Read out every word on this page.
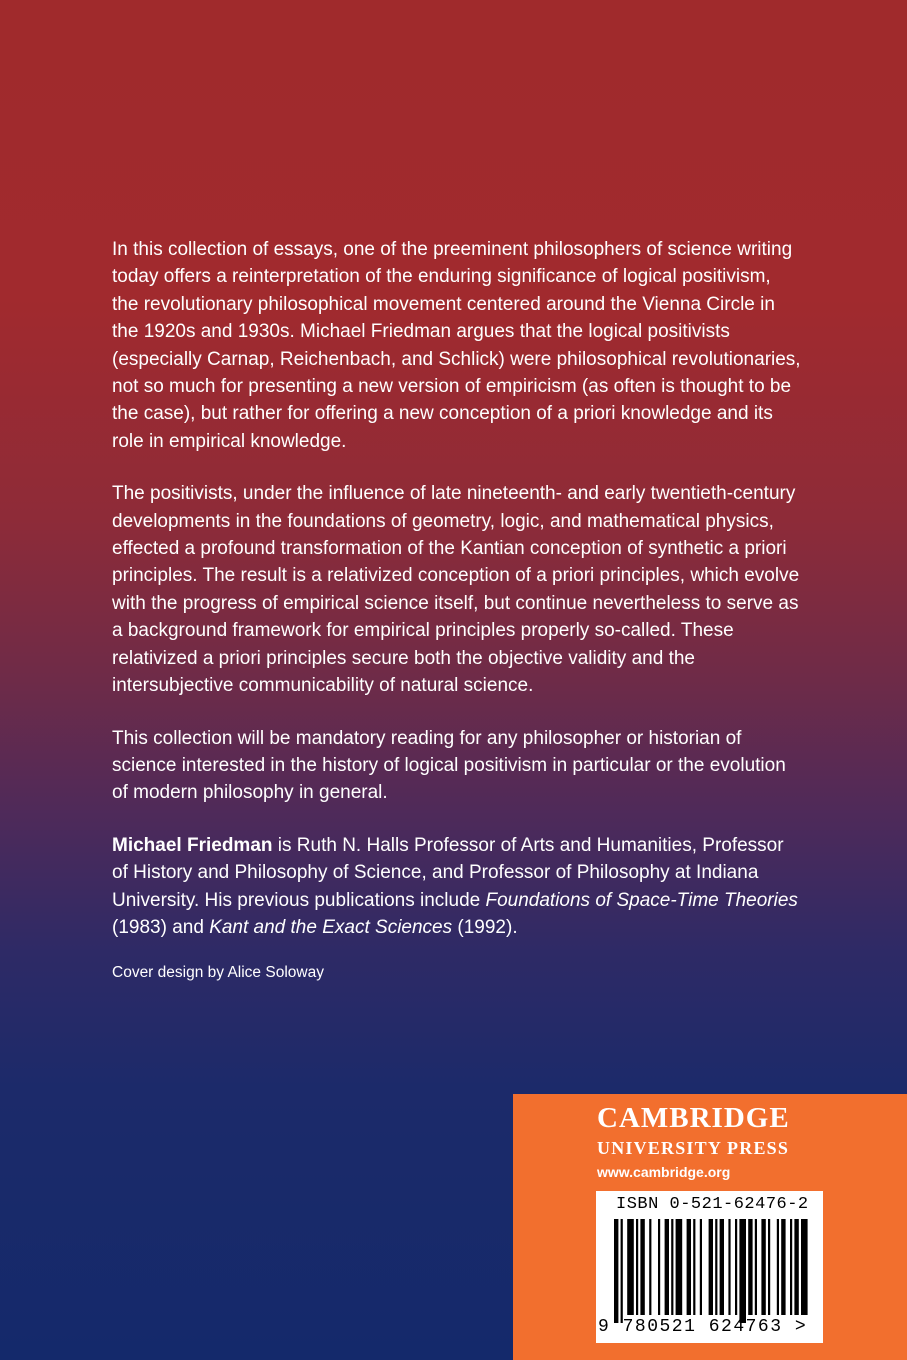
In this collection of essays, one of the preeminent philosophers of science writing today offers a reinterpretation of the enduring significance of logical positivism, the revolutionary philosophical movement centered around the Vienna Circle in the 1920s and 1930s. Michael Friedman argues that the logical positivists (especially Carnap, Reichenbach, and Schlick) were philosophical revolutionaries, not so much for presenting a new version of empiricism (as often is thought to be the case), but rather for offering a new conception of a priori knowledge and its role in empirical knowledge.

The positivists, under the influence of late nineteenth- and early twentieth-century developments in the foundations of geometry, logic, and mathematical physics, effected a profound transformation of the Kantian conception of synthetic a priori principles. The result is a relativized conception of a priori principles, which evolve with the progress of empirical science itself, but continue nevertheless to serve as a background framework for empirical principles properly so-called. These relativized a priori principles secure both the objective validity and the intersubjective communicability of natural science.

This collection will be mandatory reading for any philosopher or historian of science interested in the history of logical positivism in particular or the evolution of modern philosophy in general.

Michael Friedman is Ruth N. Halls Professor of Arts and Humanities, Professor of History and Philosophy of Science, and Professor of Philosophy at Indiana University. His previous publications include Foundations of Space-Time Theories (1983) and Kant and the Exact Sciences (1992).

Cover design by Alice Soloway
CAMBRIDGE
UNIVERSITY PRESS
www.cambridge.org
ISBN 0-521-62476-2
9 780521 624763 >
